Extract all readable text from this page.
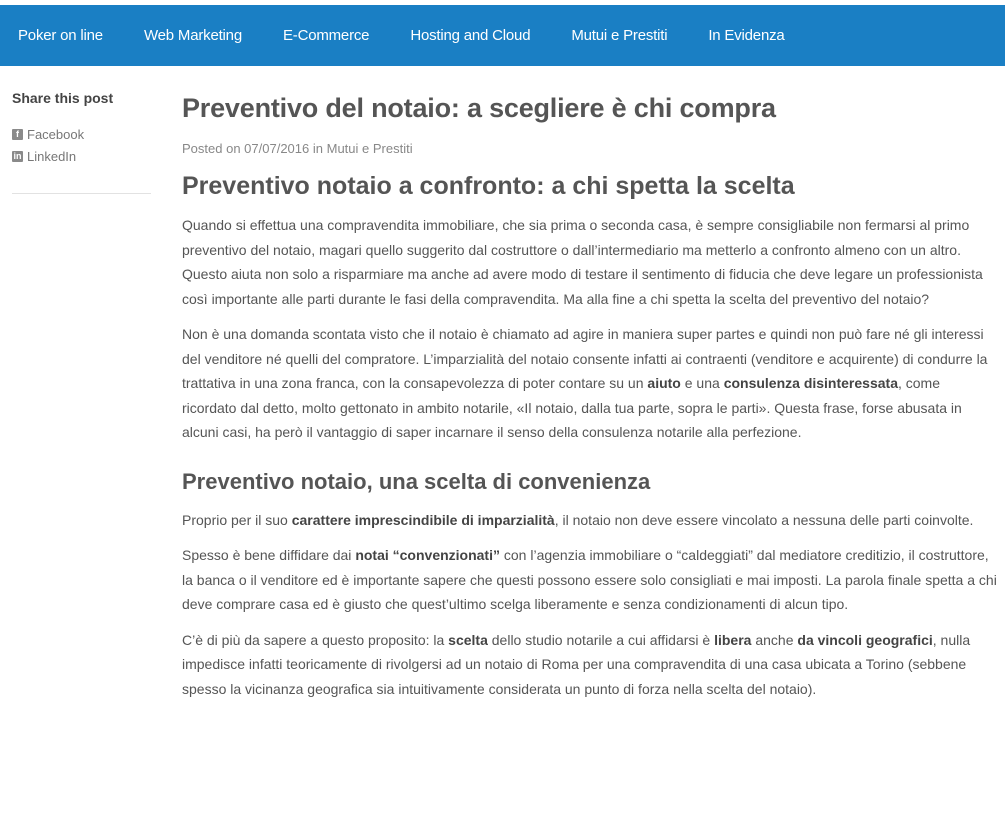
Poker on line	Web Marketing	E-Commerce	Hosting and Cloud	Mutui e Prestiti	In Evidenza
Share this post
f Facebook
in LinkedIn
Preventivo del notaio: a scegliere è chi compra
Posted on 07/07/2016 in Mutui e Prestiti
Preventivo notaio a confronto: a chi spetta la scelta

Quando si effettua una compravendita immobiliare, che sia prima o seconda casa, è sempre consigliabile non fermarsi al primo preventivo del notaio, magari quello suggerito dal costruttore o dall’intermediario ma metterlo a confronto almeno con un altro. Questo aiuta non solo a risparmiare ma anche ad avere modo di testare il sentimento di fiducia che deve legare un professionista così importante alle parti durante le fasi della compravendita. Ma alla fine a chi spetta la scelta del preventivo del notaio?

Non è una domanda scontata visto che il notaio è chiamato ad agire in maniera super partes e quindi non può fare né gli interessi del venditore né quelli del compratore. L’imparzialità del notaio consente infatti ai contraenti (venditore e acquirente) di condurre la trattativa in una zona franca, con la consapevolezza di poter contare su un aiuto e una consulenza disinteressata, come ricordato dal detto, molto gettonato in ambito notarile, «Il notaio, dalla tua parte, sopra le parti». Questa frase, forse abusata in alcuni casi, ha però il vantaggio di saper incarnare il senso della consulenza notarile alla perfezione.

Preventivo notaio, una scelta di convenienza

Proprio per il suo carattere imprescindibile di imparzialità, il notaio non deve essere vincolato a nessuna delle parti coinvolte.

Spesso è bene diffidare dai notai “convenzionati” con l’agenzia immobiliare o “caldeggiati” dal mediatore creditizio, il costruttore, la banca o il venditore ed è importante sapere che questi possono essere solo consigliati e mai imposti. La parola finale spetta a chi deve comprare casa ed è giusto che quest’ultimo scelga liberamente e senza condizionamenti di alcun tipo.

C’è di più da sapere a questo proposito: la scelta dello studio notarile a cui affidarsi è libera anche da vincoli geografici, nulla impedisce infatti teoricamente di rivolgersi ad un notaio di Roma per una compravendita di una casa ubicata a Torino (sebbene spesso la vicinanza geografica sia intuitivamente considerata un punto di forza nella scelta del notaio).
